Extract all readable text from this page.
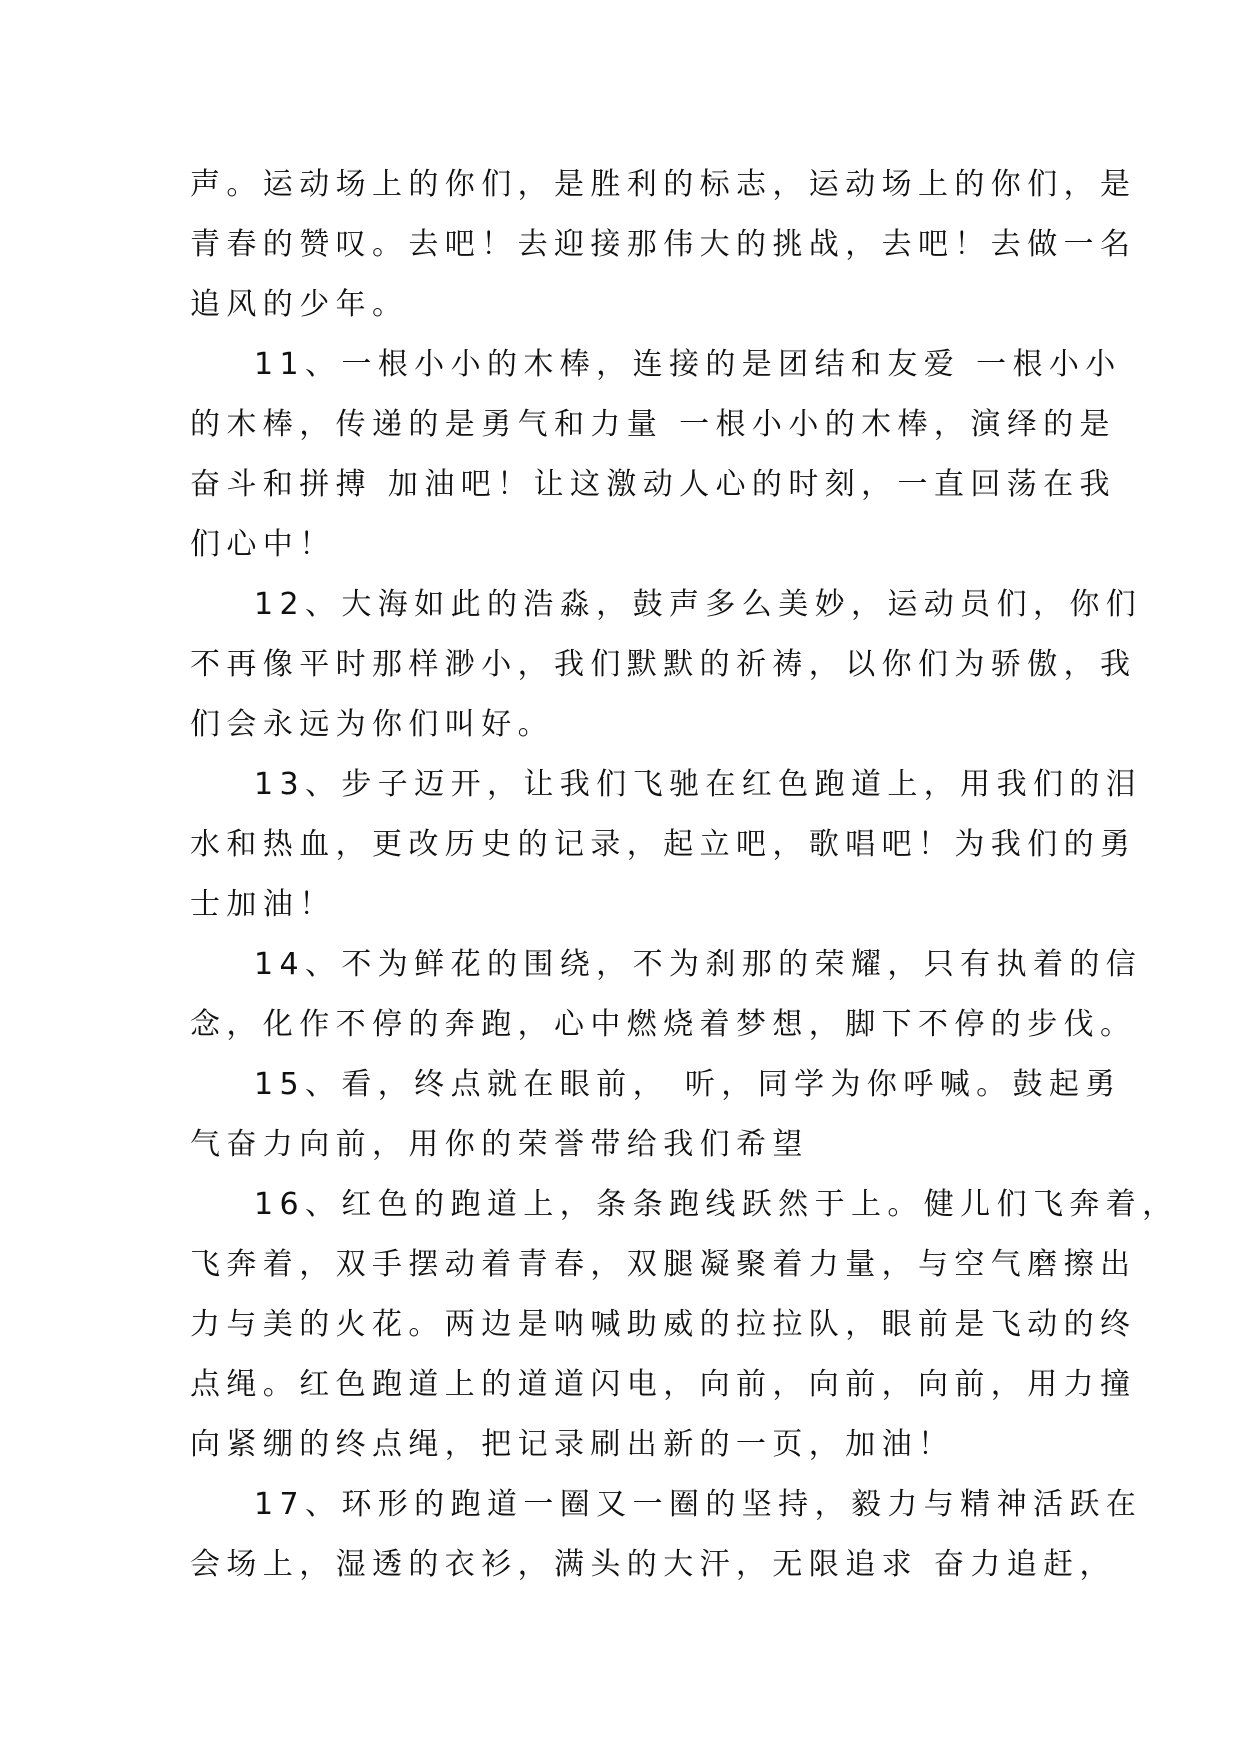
声。运动场上的你们，是胜利的标志，运动场上的你们，是
青春的赞叹。去吧！去迎接那伟大的挑战，去吧！去做一名
追风的少年。
11、一根小小的木棒，连接的是团结和友爱 一根小小
的木棒，传递的是勇气和力量 一根小小的木棒，演绎的是
奋斗和拼搏 加油吧！让这激动人心的时刻，一直回荡在我
们心中！
12、大海如此的浩淼，鼓声多么美妙，运动员们，你们
不再像平时那样渺小，我们默默的祈祷，以你们为骄傲，我
们会永远为你们叫好。
13、步子迈开，让我们飞驰在红色跑道上，用我们的泪
水和热血，更改历史的记录，起立吧，歌唱吧！为我们的勇
士加油！
14、不为鲜花的围绕，不为刹那的荣耀，只有执着的信
念，化作不停的奔跑，心中燃烧着梦想，脚下不停的步伐。
15、看，终点就在眼前， 听，同学为你呼喊。鼓起勇
气奋力向前，用你的荣誉带给我们希望
16、红色的跑道上，条条跑线跃然于上。健儿们飞奔着，
飞奔着，双手摆动着青春，双腿凝聚着力量，与空气磨擦出
力与美的火花。两边是呐喊助威的拉拉队，眼前是飞动的终
点绳。红色跑道上的道道闪电，向前，向前，向前，用力撞
向紧绷的终点绳，把记录刷出新的一页，加油！
17、环形的跑道一圈又一圈的坚持，毅力与精神活跃在
会场上，湿透的衣衫，满头的大汗，无限追求 奋力追赶，
